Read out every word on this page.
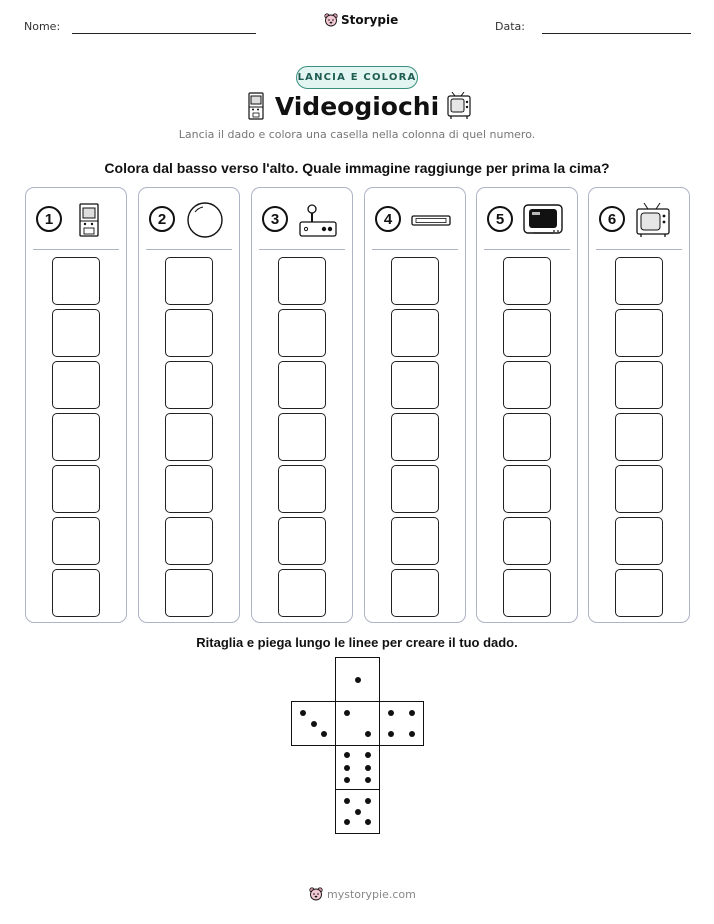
Nome:	Storypie	Data:
LANCIA E COLORA
Videogiochi
Lancia il dado e colora una casella nella colonna di quel numero.
Colora dal basso verso l'alto. Quale immagine raggiunge per prima la cima?
1	2	3	4	5	6
Ritaglia e piega lungo le linee per creare il tuo dado.
mystorypie.com
